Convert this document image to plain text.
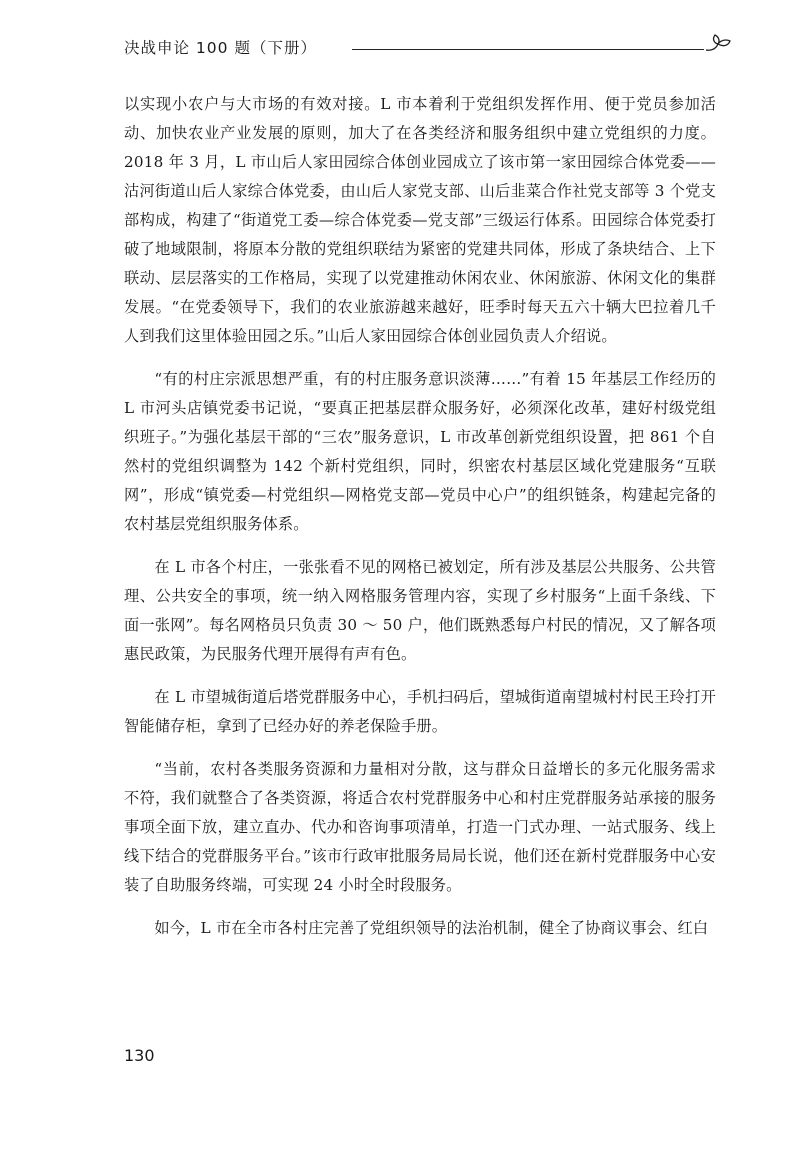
决战申论 100 题（下册）

以实现小农户与大市场的有效对接。L 市本着利于党组织发挥作用、便于党员参加活动、加快农业产业发展的原则，加大了在各类经济和服务组织中建立党组织的力度。2018 年 3 月，L 市山后人家田园综合体创业园成立了该市第一家田园综合体党委——沽河街道山后人家综合体党委，由山后人家党支部、山后韭菜合作社党支部等 3 个党支部构成，构建了“街道党工委—综合体党委—党支部”三级运行体系。田园综合体党委打破了地域限制，将原本分散的党组织联结为紧密的党建共同体，形成了条块结合、上下联动、层层落实的工作格局，实现了以党建推动休闲农业、休闲旅游、休闲文化的集群发展。“在党委领导下，我们的农业旅游越来越好，旺季时每天五六十辆大巴拉着几千人到我们这里体验田园之乐。”山后人家田园综合体创业园负责人介绍说。

“有的村庄宗派思想严重，有的村庄服务意识淡薄……”有着 15 年基层工作经历的 L 市河头店镇党委书记说，“要真正把基层群众服务好，必须深化改革，建好村级党组织班子。”为强化基层干部的“三农”服务意识，L 市改革创新党组织设置，把 861 个自然村的党组织调整为 142 个新村党组织，同时，织密农村基层区域化党建服务“互联网”，形成“镇党委—村党组织—网格党支部—党员中心户”的组织链条，构建起完备的农村基层党组织服务体系。

在 L 市各个村庄，一张张看不见的网格已被划定，所有涉及基层公共服务、公共管理、公共安全的事项，统一纳入网格服务管理内容，实现了乡村服务“上面千条线、下面一张网”。每名网格员只负责 30 ～ 50 户，他们既熟悉每户村民的情况，又了解各项惠民政策，为民服务代理开展得有声有色。

在 L 市望城街道后塔党群服务中心，手机扫码后，望城街道南望城村村民王玲打开智能储存柜，拿到了已经办好的养老保险手册。

“当前，农村各类服务资源和力量相对分散，这与群众日益增长的多元化服务需求不符，我们就整合了各类资源，将适合农村党群服务中心和村庄党群服务站承接的服务事项全面下放，建立直办、代办和咨询事项清单，打造一门式办理、一站式服务、线上线下结合的党群服务平台。”该市行政审批服务局局长说，他们还在新村党群服务中心安装了自助服务终端，可实现 24 小时全时段服务。

如今，L 市在全市各村庄完善了党组织领导的法治机制，健全了协商议事会、红白

130
